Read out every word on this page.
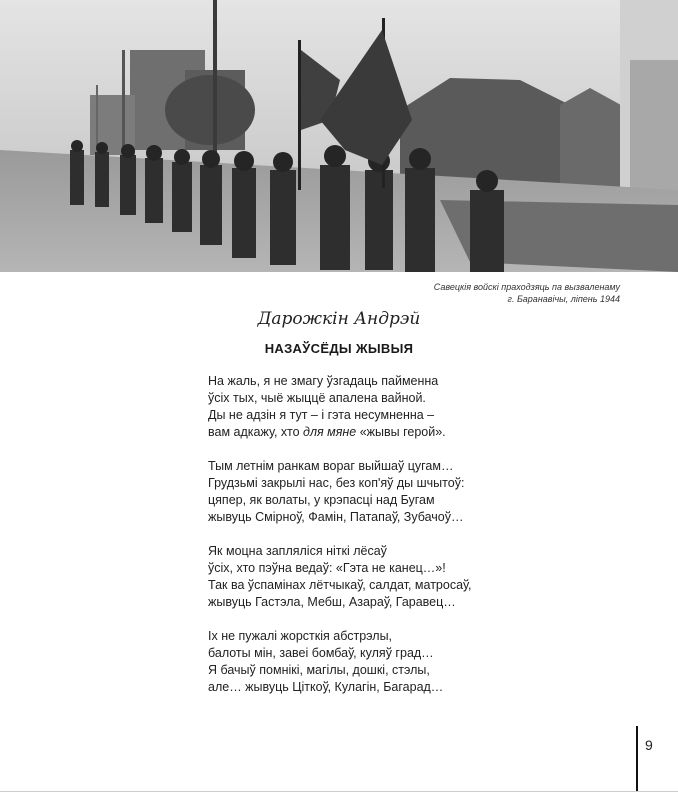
Савецкія войскі праходзяць па вызваленаму
г. Баранавічы, ліпень 1944
Дарожкін Андрэй
НАЗАЎСЁДЫ ЖЫВЫЯ
На жаль, я не змагу ўзгадаць пайменна
ўсіх тых, чыё жыццё апалена вайной.
Ды не адзін я тут – і гэта несумненна –
вам адкажу, хто для мяне «жывы герой».
Тым летнім ранкам вораг выйшаў цугам…
Грудзьмі закрылі нас, без коп'яў ды шчытоў:
цяпер, як волаты, у крэпасці над Бугам
жывуць Смірноў, Фамін, Патапаў, Зубачоў…
Як моцна заплялiся нiткi лёсаў
ўсiх, хто пэўна ведаў: «Гэта не канец…»!
Так ва ўспамiнах лётчыкаў, салдат, матросаў,
жывуць Гастэла, Мебш, Азараў, Гаравец…
Iх не пужалi жорсткiя абстрэлы,
балоты мiн, завеi бомбаў, куляў град…
Я бачыў помнiкi, магiлы, дошкi, стэлы,
але… жывуць Цiткоў, Кулагiн, Багарад…
9
